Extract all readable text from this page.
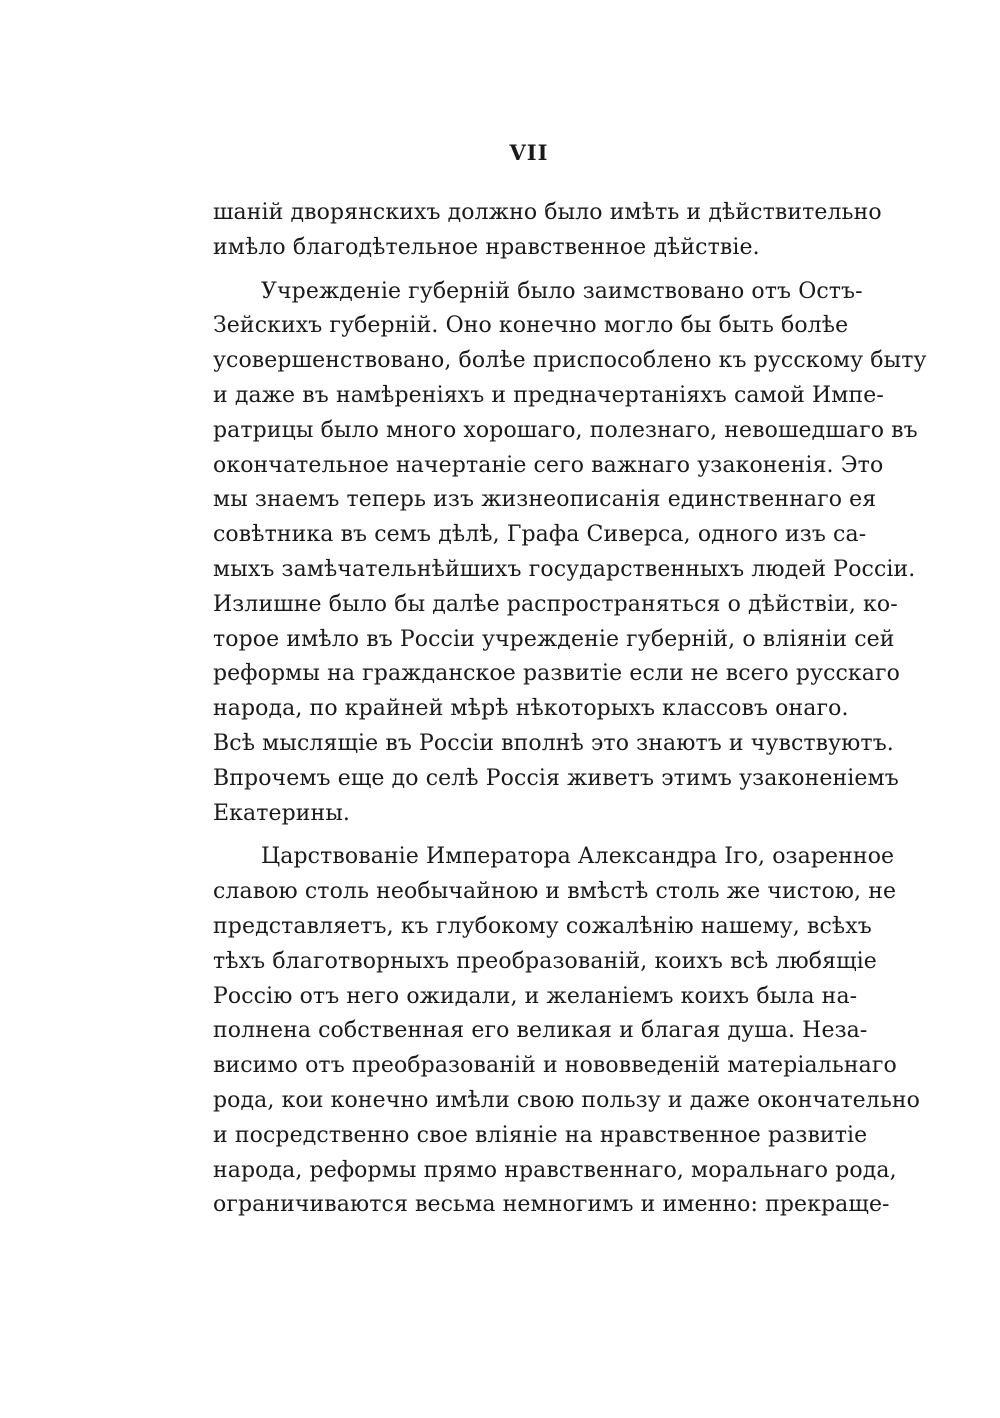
VII
шаній дворянскихъ должно было имѣть и дѣйствительно
имѣло благодѣтельное нравственное дѣйствіе.
Учрежденіе губерній было заимствовано отъ Остъ-
Зейскихъ губерній. Оно конечно могло бы быть болѣе
усовершенствовано, болѣе приспособлено къ русскому быту
и даже въ намѣреніяхъ и предначертаніяхъ самой Импе-
ратрицы было много хорошаго, полезнаго, невошедшаго въ
окончательное начертаніе сего важнаго узаконенія. Это
мы знаемъ теперь изъ жизнеописанія единственнаго ея
совѣтника въ семъ дѣлѣ, Графа Сиверса, одного изъ са-
мыхъ замѣчательнѣйшихъ государственныхъ людей Россіи.
Излишне было бы далѣе распространяться о дѣйствіи, ко-
торое имѣло въ Россіи учрежденіе губерній, о вліяніи сей
реформы на гражданское развитіе если не всего русскаго
народа, по крайней мѣрѣ нѣкоторыхъ классовъ онаго.
Всѣ мыслящіе въ Россіи вполнѣ это знаютъ и чувствуютъ.
Впрочемъ еще до селѣ Россія живетъ этимъ узаконеніемъ
Екатерины.
Царствованіе Императора Александра Іго, озаренное
славою столь необычайною и вмѣстѣ столь же чистою, не
представляетъ, къ глубокому сожалѣнію нашему, всѣхъ
тѣхъ благотворныхъ преобразованій, коихъ всѣ любящіе
Россію отъ него ожидали, и желаніемъ коихъ была на-
полнена собственная его великая и благая душа. Неза-
висимо отъ преобразованій и нововведеній матеріальнаго
рода, кои конечно имѣли свою пользу и даже окончательно
и посредственно свое вліяніе на нравственное развитіе
народа, реформы прямо нравственнаго, моральнаго рода,
ограничиваются весьма немногимъ и именно: прекраще-
